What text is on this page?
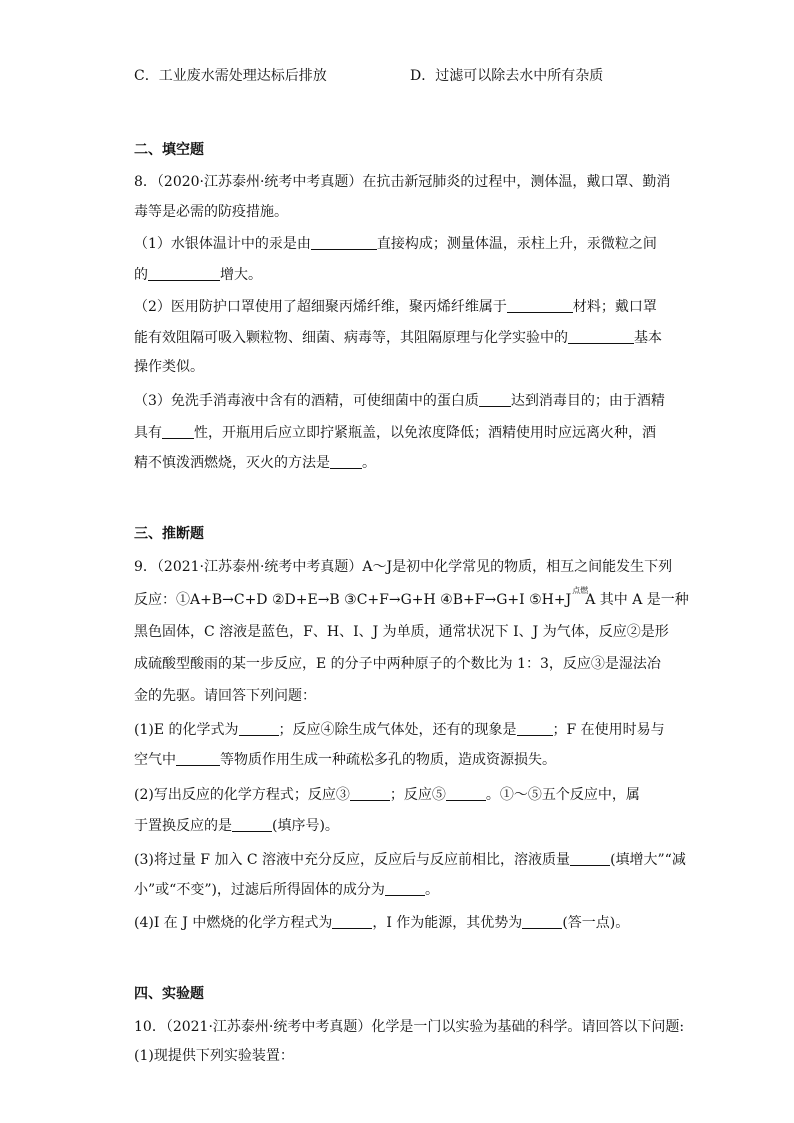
C．工业废水需处理达标后排放	D．过滤可以除去水中所有杂质
二、填空题
8．（2020·江苏泰州·统考中考真题）在抗击新冠肺炎的过程中，测体温，戴口罩、勤消
毒等是必需的防疫措施。
（1）水银体温计中的汞是由	直接构成；测量体温，汞柱上升，汞微粒之间
的	增大。
（2）医用防护口罩使用了超细聚丙烯纤维，聚丙烯纤维属于	材料；戴口罩
能有效阻隔可吸入颗粒物、细菌、病毒等，其阻隔原理与化学实验中的	基本
操作类似。
（3）免洗手消毒液中含有的酒精，可使细菌中的蛋白质 达到消毒目的；由于酒精
具有 性，开瓶用后应立即拧紧瓶盖，以免浓度降低；酒精使用时应远离火种，酒
精不慎泼洒燃烧，灭火的方法是 。
三、推断题
9．（2021·江苏泰州·统考中考真题）A～J是初中化学常见的物质，相互之间能发生下列
反应：①A+B→C+D ②D+E→B ③C+F→G+H ④B+F→G+I ⑤H+J
点燃
A 其中 A 是一种
黑色固体，C 溶液是蓝色，F、H、I、J 为单质，通常状况下 I、J 为气体，反应②是形
成硫酸型酸雨的某一步反应，E 的分子中两种原子的个数比为 1：3，反应③是湿法冶
金的先驱。请回答下列问题：
(1)E 的化学式为	；反应④除生成气体处，还有的现象是	；F 在使用时易与
空气中	等物质作用生成一种疏松多孔的物质，造成资源损失。
(2)写出反应的化学方程式；反应③	；反应⑤	。①～⑤五个反应中，属
于置换反应的是	(填序号)。
(3)将过量 F 加入 C 溶液中充分反应，反应后与反应前相比，溶液质量	(填增大”“减
小”或“不变”)，过滤后所得固体的成分为	。
(4)I 在 J 中燃烧的化学方程式为	，I 作为能源，其优势为	(答一点)。
四、实验题
10．（2021·江苏泰州·统考中考真题）化学是一门以实验为基础的科学。请回答以下问题:
(1)现提供下列实验装置：
